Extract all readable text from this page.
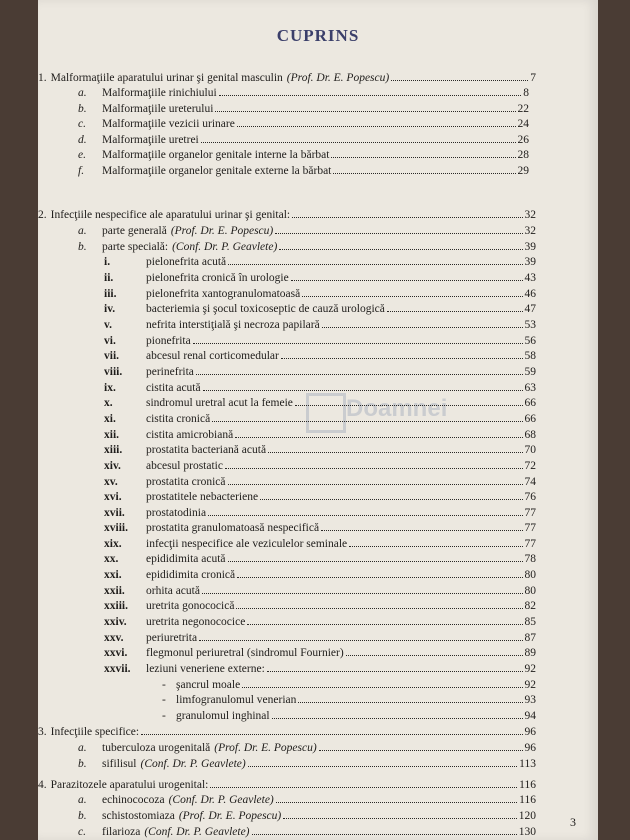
CUPRINS
Doamnei
1. Malformaţiile aparatului urinar şi genital masculin (Prof. Dr. E. Popescu)	7
a.	Malformaţiile rinichiului	8
b.	Malformaţiile ureterului	22
c.	Malformaţiile vezicii urinare	24
d.	Malformaţiile uretrei	26
e.	Malformaţiile organelor genitale interne la bărbat	28
f.	Malformaţiile organelor genitale externe la bărbat	29
2. Infecţiile nespecifice ale aparatului urinar şi genital:	32
a.	parte generală (Prof. Dr. E. Popescu)	32
b.	parte specială: (Conf. Dr. P. Geavlete)	39
i.	pielonefrita acută	39
ii.	pielonefrita cronică în urologie	43
iii.	pielonefrita xantogranulomatoasă	46
iv.	bacteriemia şi şocul toxicoseptic de cauză urologică	47
v.	nefrita interstiţială şi necroza papilară	53
vi.	pionefrita	56
vii.	abcesul renal corticomedular	58
viii.	perinefrita	59
ix.	cistita acută	63
x.	sindromul uretral acut la femeie	66
xi.	cistita cronică	66
xii.	cistita amicrobiană	68
xiii.	prostatita bacteriană acută	70
xiv.	abcesul prostatic	72
xv.	prostatita cronică	74
xvi.	prostatitele nebacteriene	76
xvii.	prostatodinia	77
xviii.	prostatita granulomatoasă nespecifică	77
xix.	infecţii nespecifice ale veziculelor seminale	77
xx.	epididimita acută	78
xxi.	epididimita cronică	80
xxii.	orhita acută	80
xxiii.	uretrita gonococică	82
xxiv.	uretrita negonococice	85
xxv.	periuretrita	87
xxvi.	flegmonul periuretral (sindromul Fournier)	89
xxvii.	leziuni veneriene externe:	92
- şancrul moale	92
- limfogranulomul venerian	93
- granulomul inghinal	94
3. Infecţiile specifice:	96
a.	tuberculoza urogenitală (Prof. Dr. E. Popescu)	96
b.	sifilisul (Conf. Dr. P. Geavlete)	113
4. Parazitozele aparatului urogenital:	116
a.	echinococoza (Conf. Dr. P. Geavlete)	116
b.	schistostomiaza (Prof. Dr. E. Popescu)	120
c.	filarioza (Conf. Dr. P. Geavlete)	130
3
